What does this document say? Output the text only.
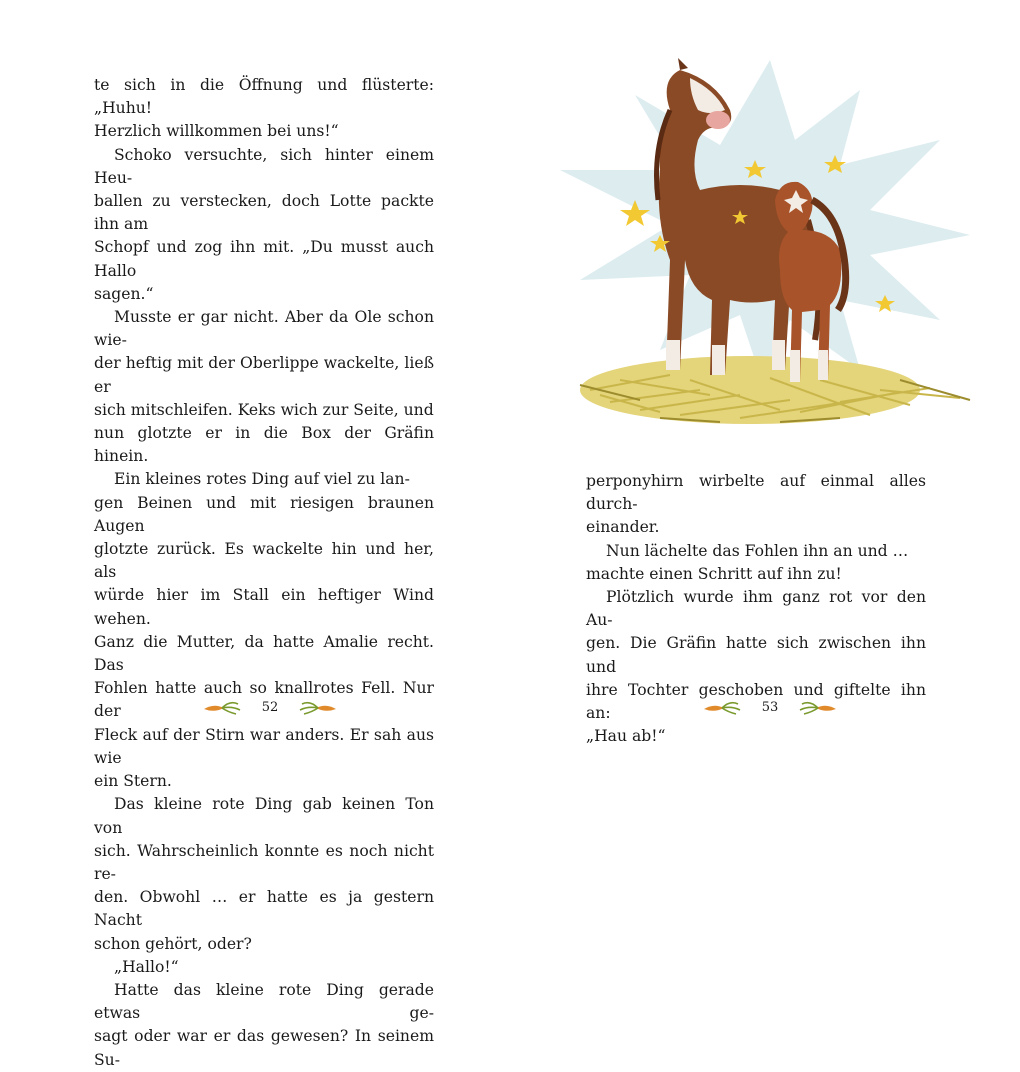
te sich in die Öffnung und flüsterte: „Huhu!
Herzlich willkommen bei uns!“

Schoko versuchte, sich hinter einem Heu-
ballen zu verstecken, doch Lotte packte ihn am
Schopf und zog ihn mit. „Du musst auch Hallo
sagen.“

Musste er gar nicht. Aber da Ole schon wie-
der heftig mit der Oberlippe wackelte, ließ er
sich mitschleifen. Keks wich zur Seite, und
nun glotzte er in die Box der Gräfin hinein.

Ein kleines rotes Ding auf viel zu lan-
gen Beinen und mit riesigen braunen Augen
glotzte zurück. Es wackelte hin und her, als
würde hier im Stall ein heftiger Wind wehen.
Ganz die Mutter, da hatte Amalie recht. Das
Fohlen hatte auch so knallrotes Fell. Nur der
Fleck auf der Stirn war anders. Er sah aus wie
ein Stern.

Das kleine rote Ding gab keinen Ton von
sich. Wahrscheinlich konnte es noch nicht re-
den. Obwohl … er hatte es ja gestern Nacht
schon gehört, oder?

„Hallo!“

Hatte das kleine rote Ding gerade etwas ge-
sagt oder war er das gewesen? In seinem Su-

52

perponyhirn wirbelte auf einmal alles durch-
einander.

Nun lächelte das Fohlen ihn an und …
machte einen Schritt auf ihn zu!

Plötzlich wurde ihm ganz rot vor den Au-
gen. Die Gräfin hatte sich zwischen ihn und
ihre Tochter geschoben und giftelte ihn an:
„Hau ab!“

53
